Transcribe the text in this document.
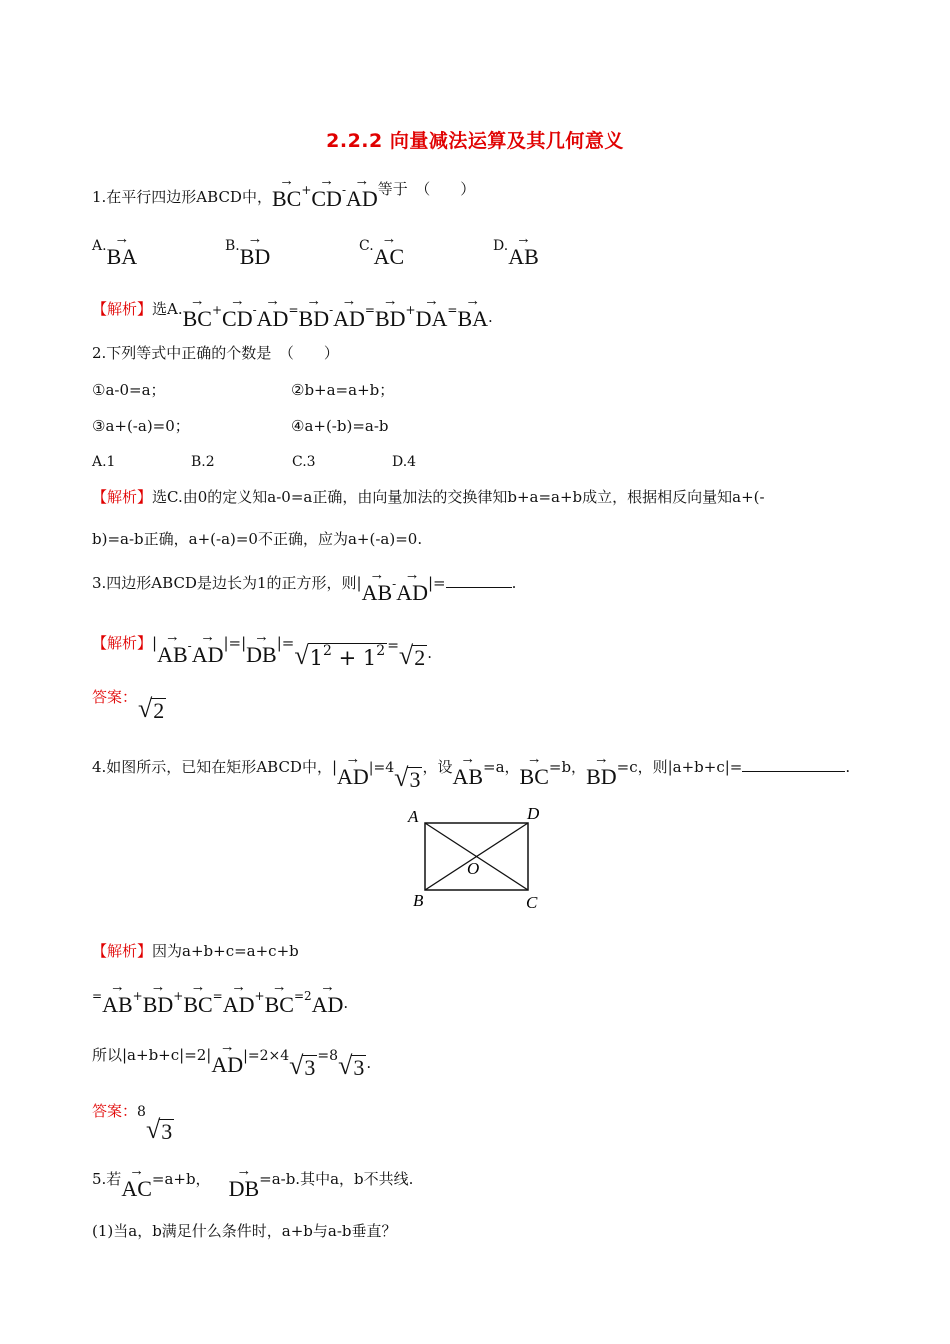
2.2.2 向量减法运算及其几何意义
1.在平行四边形ABCD中，
→
BC+
→
CD-
→
AD等于　（　　）
A. →
BA	B. →
BD	C. →
AC	D. →
AB
【解析】选A. →
BC+
→
CD-
→
AD=
→
BD-
→
AD=
→
BD+
→
DA=
→
BA.
2.下列等式中正确的个数是　（　　）
①a-0=a；	②b+a=a+b；
③a+(-a)=0；	④a+(-b)=a-b
A.1	B.2	C.3	D.4
【解析】选C.由0的定义知a-0=a正确，由向量加法的交换律知b+a=a+b成立，根据相反向量知a+(-
b)=a-b正确，a+(-a)=0不正确，应为a+(-a)=0.
3.四边形ABCD是边长为1的正方形，则| →
AB-
→
AD|=	.
【解析】| →
AB-
→
AD|=| →
DB|= √ $1^2 + 1^2$ = √ 2 .
答案： √ 2
4.如图所示，已知在矩形ABCD中，| →
AD|=4 √ 3 ，设 →
AB=a， →
BC=b， →
BD=c，则|a+b+c|=	.
A	D
O
B	C
【解析】因为a+b+c=a+c+b
=
→
AB+
→
BD+
→
BC=
→
AD+
→
$BC^{=2}$
→
AD.
所以|a+b+c|=2| →
AD|=2×4 √ 3 =8 √ 3 .
答案：8
√ 3
5.若 →
AC=a+b，	→
DB=a-b.其中a，b不共线.
(1)当a，b满足什么条件时，a+b与a-b垂直？
